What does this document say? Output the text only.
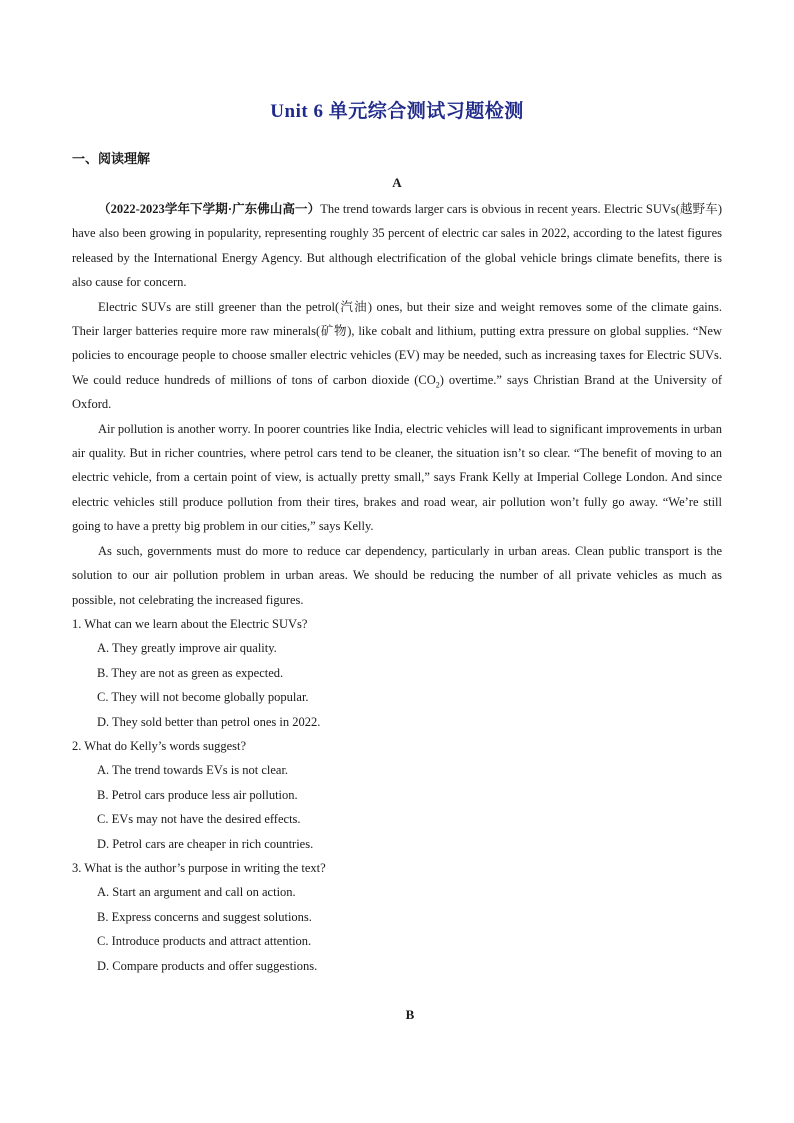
Unit 6 单元综合测试习题检测
一、阅读理解
A

（2022-2023学年下学期·广东佛山高一）The trend towards larger cars is obvious in recent years. Electric SUVs(越野车) have also been growing in popularity, representing roughly 35 percent of electric car sales in 2022, according to the latest figures released by the International Energy Agency. But although electrification of the global vehicle brings climate benefits, there is also cause for concern.

Electric SUVs are still greener than the petrol(汽油) ones, but their size and weight removes some of the climate gains. Their larger batteries require more raw minerals(矿物), like cobalt and lithium, putting extra pressure on global supplies. “New policies to encourage people to choose smaller electric vehicles (EV) may be needed, such as increasing taxes for Electric SUVs. We could reduce hundreds of millions of tons of carbon dioxide $(CO_2)$ overtime.” says Christian Brand at the University of Oxford.

Air pollution is another worry. In poorer countries like India, electric vehicles will lead to significant improvements in urban air quality. But in richer countries, where petrol cars tend to be cleaner, the situation isn’t so clear. “The benefit of moving to an electric vehicle, from a certain point of view, is actually pretty small,” says Frank Kelly at Imperial College London. And since electric vehicles still produce pollution from their tires, brakes and road wear, air pollution won’t fully go away. “We’re still going to have a pretty big problem in our cities,” says Kelly.

As such, governments must do more to reduce car dependency, particularly in urban areas. Clean public transport is the solution to our air pollution problem in urban areas. We should be reducing the number of all private vehicles as much as possible, not celebrating the increased figures.

1. What can we learn about the Electric SUVs?

A. They greatly improve air quality.

B. They are not as green as expected.

C. They will not become globally popular.

D. They sold better than petrol ones in 2022.

2. What do Kelly’s words suggest?

A. The trend towards EVs is not clear.

B. Petrol cars produce less air pollution.

C. EVs may not have the desired effects.

D. Petrol cars are cheaper in rich countries.

3. What is the author’s purpose in writing the text?

A. Start an argument and call on action.

B. Express concerns and suggest solutions.

C. Introduce products and attract attention.

D. Compare products and offer suggestions.

B
